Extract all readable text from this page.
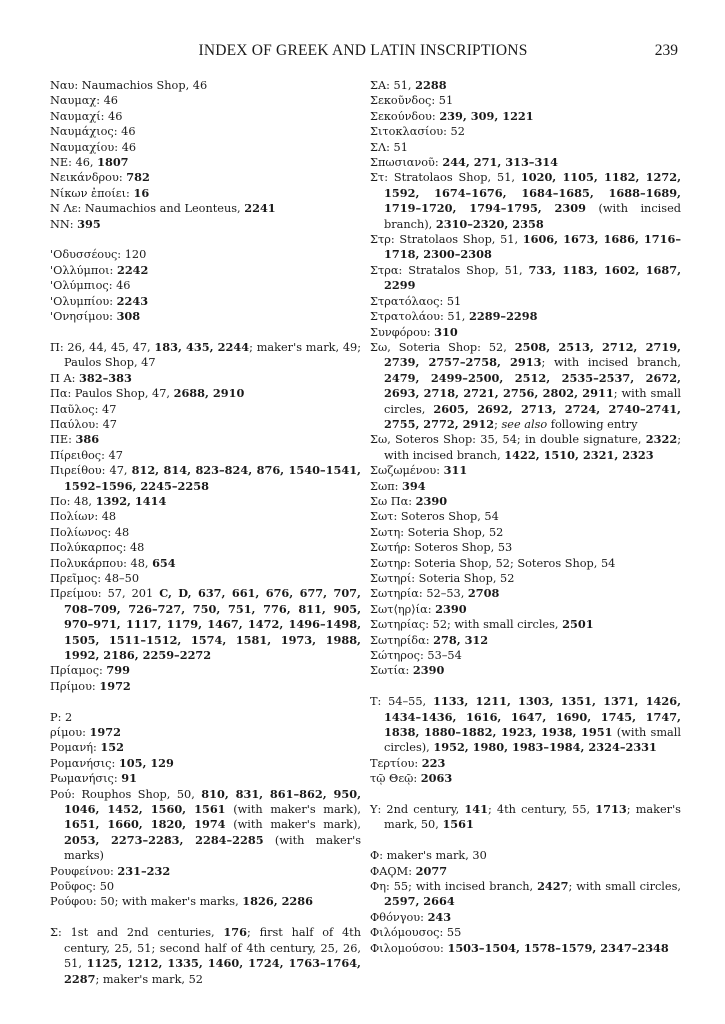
INDEX OF GREEK AND LATIN INSCRIPTIONS	239
Ναυ: Naumachios Shop, 46
Ναυμαχ: 46
Ναυμαχί: 46
Ναυμάχιος: 46
Ναυμαχίου: 46
ΝΕ: 46, 1807
Νεικάνδρου: 782
Νίκων ἐποίει: 16
Ν Λε: Naumachios and Leonteus, 2241
ΝΝ: 395
'Οδυσσέους: 120
'Ολλύμποι: 2242
'Ολύμπιος: 46
'Ολυμπίου: 2243
'Ονησίμου: 308
Π: 26, 44, 45, 47, 183, 435, 2244; maker's mark, 49; Paulos Shop, 47
Π Α: 382–383
Πα: Paulos Shop, 47, 2688, 2910
Παῦλος: 47
Παύλου: 47
ΠΕ: 386
Πίρειθος: 47
Πιρείθου: 47, 812, 814, 823–824, 876, 1540–1541, 1592–1596, 2245–2258
Πο: 48, 1392, 1414
Πολίων: 48
Πολίωνος: 48
Πολύκαρπος: 48
Πολυκάρπου: 48, 654
Πρεῖμος: 48–50
Πρείμου: 57, 201 C, D, 637, 661, 676, 677, 707, 708–709, 726–727, 750, 751, 776, 811, 905, 970–971, 1117, 1179, 1467, 1472, 1496–1498, 1505, 1511–1512, 1574, 1581, 1973, 1988, 1992, 2186, 2259–2272
Πρίαμος: 799
Πρίμου: 1972
Ρ: 2
ρίμου: 1972
Ρομανή: 152
Ρομανήσις: 105, 129
Ρωμανήσις: 91
Ρού: Rouphos Shop, 50, 810, 831, 861–862, 950, 1046, 1452, 1560, 1561 (with maker's mark), 1651, 1660, 1820, 1974 (with maker's mark), 2053, 2273–2283, 2284–2285 (with maker's marks)
Ρουφείνου: 231–232
Ροῦφος: 50
Ρούφου: 50; with maker's marks, 1826, 2286
Σ: 1st and 2nd centuries, 176; first half of 4th century, 25, 51; second half of 4th century, 25, 26, 51, 1125, 1212, 1335, 1460, 1724, 1763–1764, 2287; maker's mark, 52
ΣΑ: 51, 2288
Σεκοῦνδος: 51
Σεκούνδου: 239, 309, 1221
Σιτοκλασίου: 52
ΣΛ: 51
Σπωσιανοῦ: 244, 271, 313–314
Στ: Stratolaos Shop, 51, 1020, 1105, 1182, 1272, 1592, 1674–1676, 1684–1685, 1688–1689, 1719–1720, 1794–1795, 2309 (with incised branch), 2310–2320, 2358
Στρ: Stratolaos Shop, 51, 1606, 1673, 1686, 1716–1718, 2300–2308
Στρα: Stratalos Shop, 51, 733, 1183, 1602, 1687, 2299
Στρατόλαος: 51
Στρατολάου: 51, 2289–2298
Συνφόρου: 310
Σω, Soteria Shop: 52, 2508, 2513, 2712, 2719, 2739, 2757–2758, 2913; with incised branch, 2479, 2499–2500, 2512, 2535–2537, 2672, 2693, 2718, 2721, 2756, 2802, 2911; with small circles, 2605, 2692, 2713, 2724, 2740–2741, 2755, 2772, 2912; see also following entry
Σω, Soteros Shop: 35, 54; in double signature, 2322; with incised branch, 1422, 1510, 2321, 2323
Σωζωμένου: 311
Σωπ: 394
Σω Πα: 2390
Σωτ: Soteros Shop, 54
Σωτη: Soteria Shop, 52
Σωτήρ: Soteros Shop, 53
Σωτηρ: Soteria Shop, 52; Soteros Shop, 54
Σωτηρί: Soteria Shop, 52
Σωτηρία: 52–53, 2708
Σωτ⟨ηρ⟩ία: 2390
Σωτηρίας: 52; with small circles, 2501
Σωτηρίδα: 278, 312
Σώτηρος: 53–54
Σωτία: 2390
Τ: 54–55, 1133, 1211, 1303, 1351, 1371, 1426, 1434–1436, 1616, 1647, 1690, 1745, 1747, 1838, 1880–1882, 1923, 1938, 1951 (with small circles), 1952, 1980, 1983–1984, 2324–2331
Τερτίου: 223
τῷ Θεῷ: 2063
Υ: 2nd century, 141; 4th century, 55, 1713; maker's mark, 50, 1561
Φ: maker's mark, 30
ΦΑϘΜ: 2077
Φη: 55; with incised branch, 2427; with small circles, 2597, 2664
Φθόνγου: 243
Φιλόμουσος: 55
Φιλομούσου: 1503–1504, 1578–1579, 2347–2348
